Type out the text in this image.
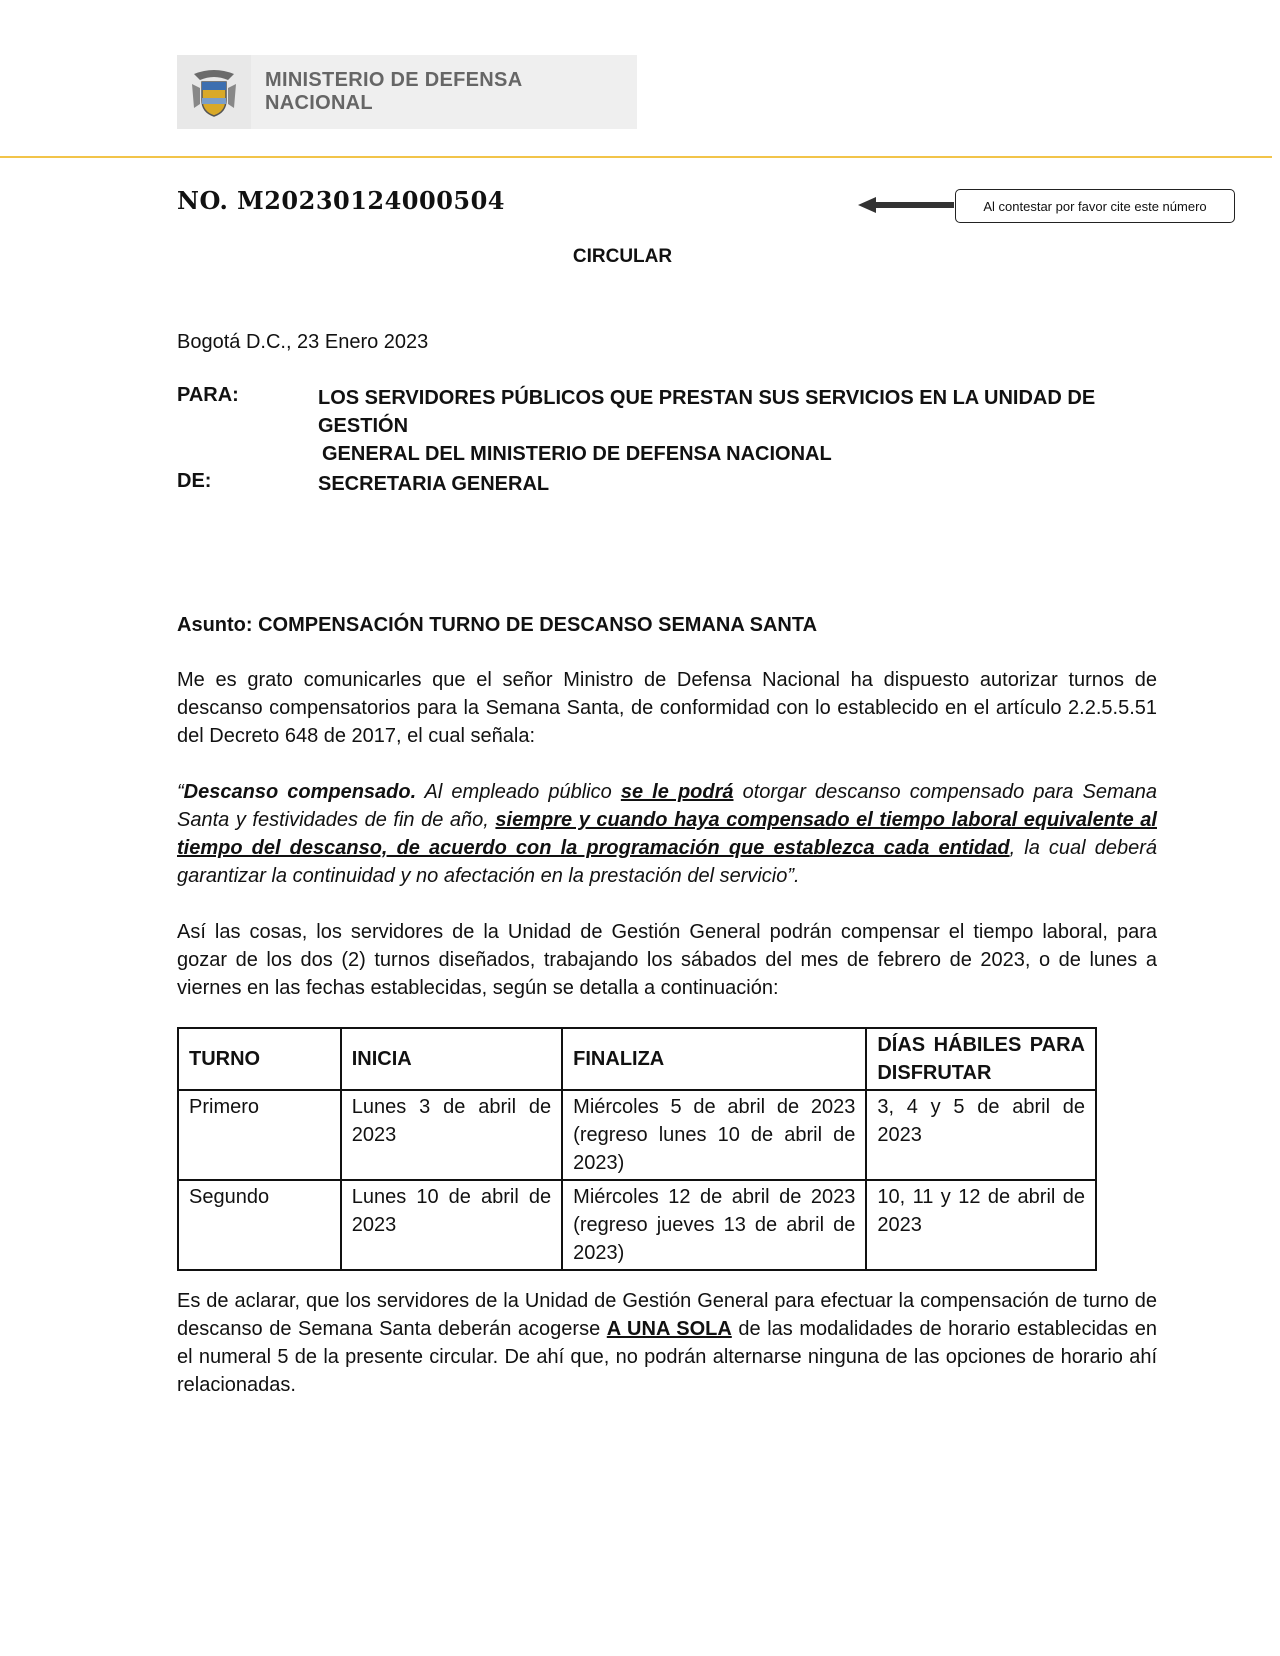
MINISTERIO DE DEFENSA
NACIONAL
NO. M20230124000504	Al contestar por favor cite este número
CIRCULAR
Bogotá D.C., 23 Enero 2023
PARA:	LOS SERVIDORES PÚBLICOS QUE PRESTAN SUS SERVICIOS EN LA UNIDAD DE GESTIÓN
GENERAL DEL MINISTERIO DE DEFENSA NACIONAL
DE:	SECRETARIA GENERAL
Asunto: COMPENSACIÓN TURNO DE DESCANSO SEMANA SANTA
Me es grato comunicarles que el señor Ministro de Defensa Nacional ha dispuesto autorizar turnos de descanso compensatorios para la Semana Santa, de conformidad con lo establecido en el artículo 2.2.5.5.51 del Decreto 648 de 2017, el cual señala:
“Descanso compensado. Al empleado público se le podrá otorgar descanso compensado para Semana Santa y festividades de fin de año, siempre y cuando haya compensado el tiempo laboral equivalente al tiempo del descanso, de acuerdo con la programación que establezca cada entidad, la cual deberá garantizar la continuidad y no afectación en la prestación del servicio”.
Así las cosas, los servidores de la Unidad de Gestión General podrán compensar el tiempo laboral, para gozar de los dos (2) turnos diseñados, trabajando los sábados del mes de febrero de 2023, o de lunes a viernes en las fechas establecidas, según se detalla a continuación:
TURNO	INICIA	FINALIZA	DÍAS HÁBILES PARA DISFRUTAR
Primero	Lunes 3 de abril de 2023	Miércoles 5 de abril de 2023 (regreso lunes 10 de abril de 2023)	3, 4 y 5 de abril de 2023
Segundo	Lunes 10 de abril de 2023	Miércoles 12 de abril de 2023 (regreso jueves 13 de abril de 2023)	10, 11 y 12 de abril de 2023
Es de aclarar, que los servidores de la Unidad de Gestión General para efectuar la compensación de turno de descanso de Semana Santa deberán acogerse A UNA SOLA de las modalidades de horario establecidas en el numeral 5 de la presente circular. De ahí que, no podrán alternarse ninguna de las opciones de horario ahí relacionadas.
